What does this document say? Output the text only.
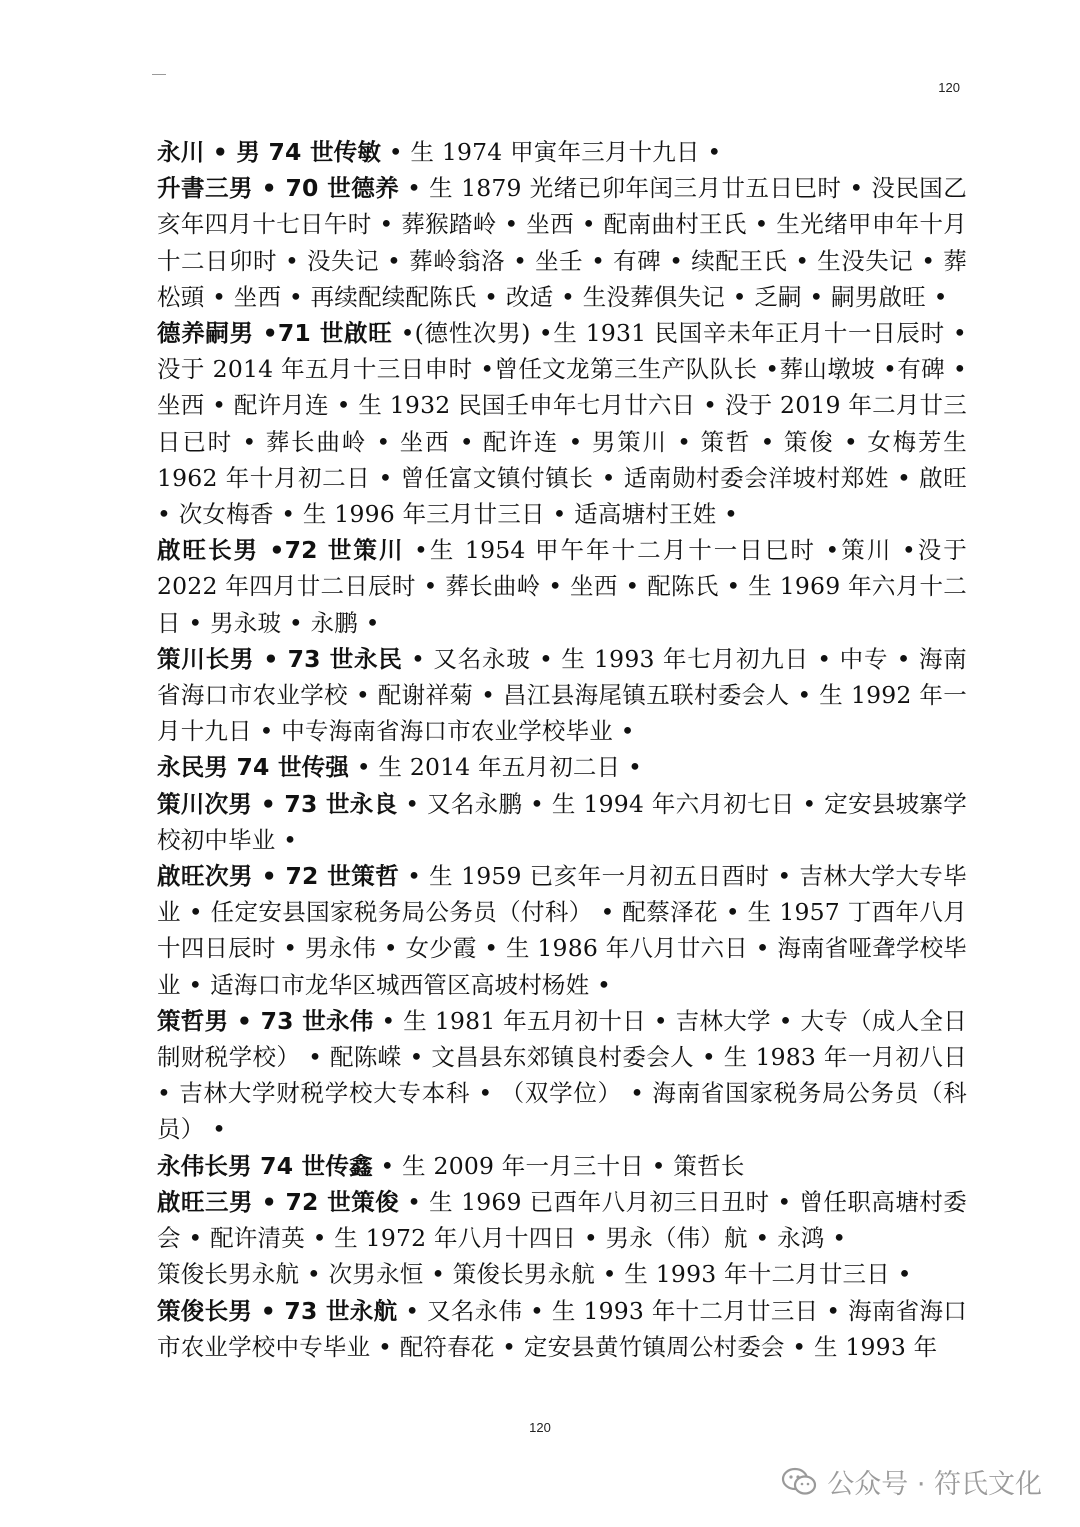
120

永川 • 男 74 世传敏 • 生 1974 甲寅年三月十九日 •

升書三男 • 70 世德养 • 生 1879 光绪已卯年闰三月廿五日巳时 • 没民国乙亥年四月十七日午时 • 葬猴踏岭 • 坐西 • 配南曲村王氏 • 生光绪甲申年十月十二日卯时 • 没失记 • 葬岭翁洛 • 坐壬 • 有碑 • 续配王氏 • 生没失记 • 葬松頭 • 坐西 • 再续配续配陈氏 • 改适 • 生没葬俱失记 • 乏嗣 • 嗣男啟旺 •

德养嗣男 •71 世啟旺 •(德性次男) •生 1931 民国辛未年正月十一日辰时 •没于 2014 年五月十三日申时 •曾任文龙第三生产队队长 •葬山墩坡 •有碑 •坐西 • 配许月连 • 生 1932 民国壬申年七月廿六日 • 没于 2019 年二月廿三日已时 • 葬长曲岭 • 坐西 • 配许连 • 男策川 • 策哲 • 策俊 • 女梅芳生 1962 年十月初二日 • 曾任富文镇付镇长 • 适南勋村委会洋坡村郑姓 • 啟旺 • 次女梅香 • 生 1996 年三月廿三日 • 适高塘村王姓 •

啟旺长男 •72 世策川 •生 1954 甲午年十二月十一日巳时 •策川 •没于 2022 年四月廿二日辰时 • 葬长曲岭 • 坐西 • 配陈氏 • 生 1969 年六月十二日 • 男永玻 • 永鹏 •

策川长男 • 73 世永民 • 又名永玻 • 生 1993 年七月初九日 • 中专 • 海南省海口市农业学校 • 配谢祥菊 • 昌江县海尾镇五联村委会人 • 生 1992 年一月十九日 • 中专海南省海口市农业学校毕业 •

永民男 74 世传强 • 生 2014 年五月初二日 •

策川次男 • 73 世永良 • 又名永鹏 • 生 1994 年六月初七日 • 定安县坡寨学校初中毕业 •

啟旺次男 • 72 世策哲 • 生 1959 已亥年一月初五日酉时 • 吉林大学大专毕业 • 任定安县国家税务局公务员（付科） • 配蔡泽花 • 生 1957 丁酉年八月十四日辰时 • 男永伟 • 女少霞 • 生 1986 年八月廿六日 • 海南省哑聋学校毕业 • 适海口市龙华区城西管区高坡村杨姓 •

策哲男 • 73 世永伟 • 生 1981 年五月初十日 • 吉林大学 • 大专（成人全日制财税学校） • 配陈嵘 • 文昌县东郊镇良村委会人 • 生 1983 年一月初八日 • 吉林大学财税学校大专本科 • （双学位） • 海南省国家税务局公务员（科员） •

永伟长男 74 世传鑫 • 生 2009 年一月三十日 • 策哲长

啟旺三男 • 72 世策俊 • 生 1969 已酉年八月初三日丑时 • 曾任职高塘村委会 • 配许清英 • 生 1972 年八月十四日 • 男永（伟）航 • 永鸿 •

策俊长男永航 • 次男永恒 • 策俊长男永航 • 生 1993 年十二月廿三日 •

策俊长男 • 73 世永航 • 又名永伟 • 生 1993 年十二月廿三日 • 海南省海口市农业学校中专毕业 • 配符春花 • 定安县黄竹镇周公村委会 • 生 1993 年

120
公众号 · 符氏文化
